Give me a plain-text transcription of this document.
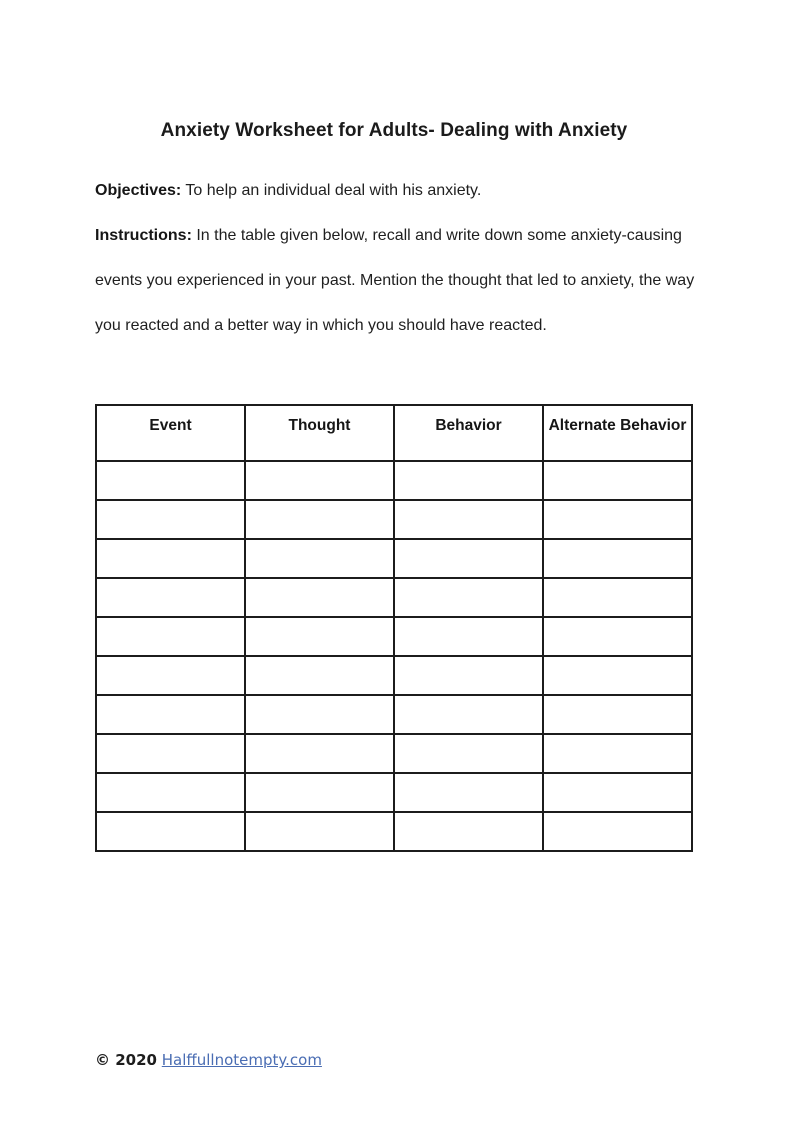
Anxiety Worksheet for Adults- Dealing with Anxiety

Objectives: To help an individual deal with his anxiety.

Instructions: In the table given below, recall and write down some anxiety-causing events you experienced in your past. Mention the thought that led to anxiety, the way you reacted and a better way in which you should have reacted.

Event	Thought	Behavior	Alternate Behavior

© 2020 Halffullnotempty.com
